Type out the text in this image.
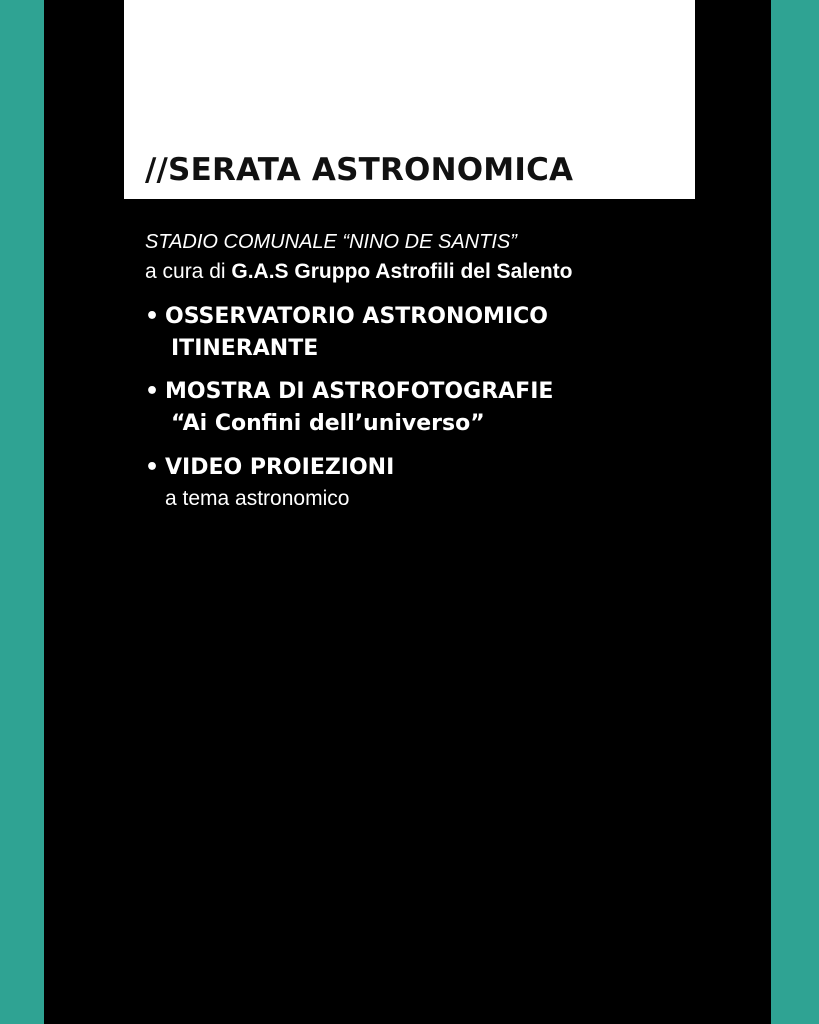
//SERATA ASTRONOMICA

STADIO COMUNALE “NINO DE SANTIS”

a cura di G.A.S Gruppo Astrofili del Salento

• OSSERVATORIO ASTRONOMICO
ITINERANTE
• MOSTRA DI ASTROFOTOGRAFIE
“Ai Confini dell’universo”
• VIDEO PROIEZIONI
a tema astronomico
